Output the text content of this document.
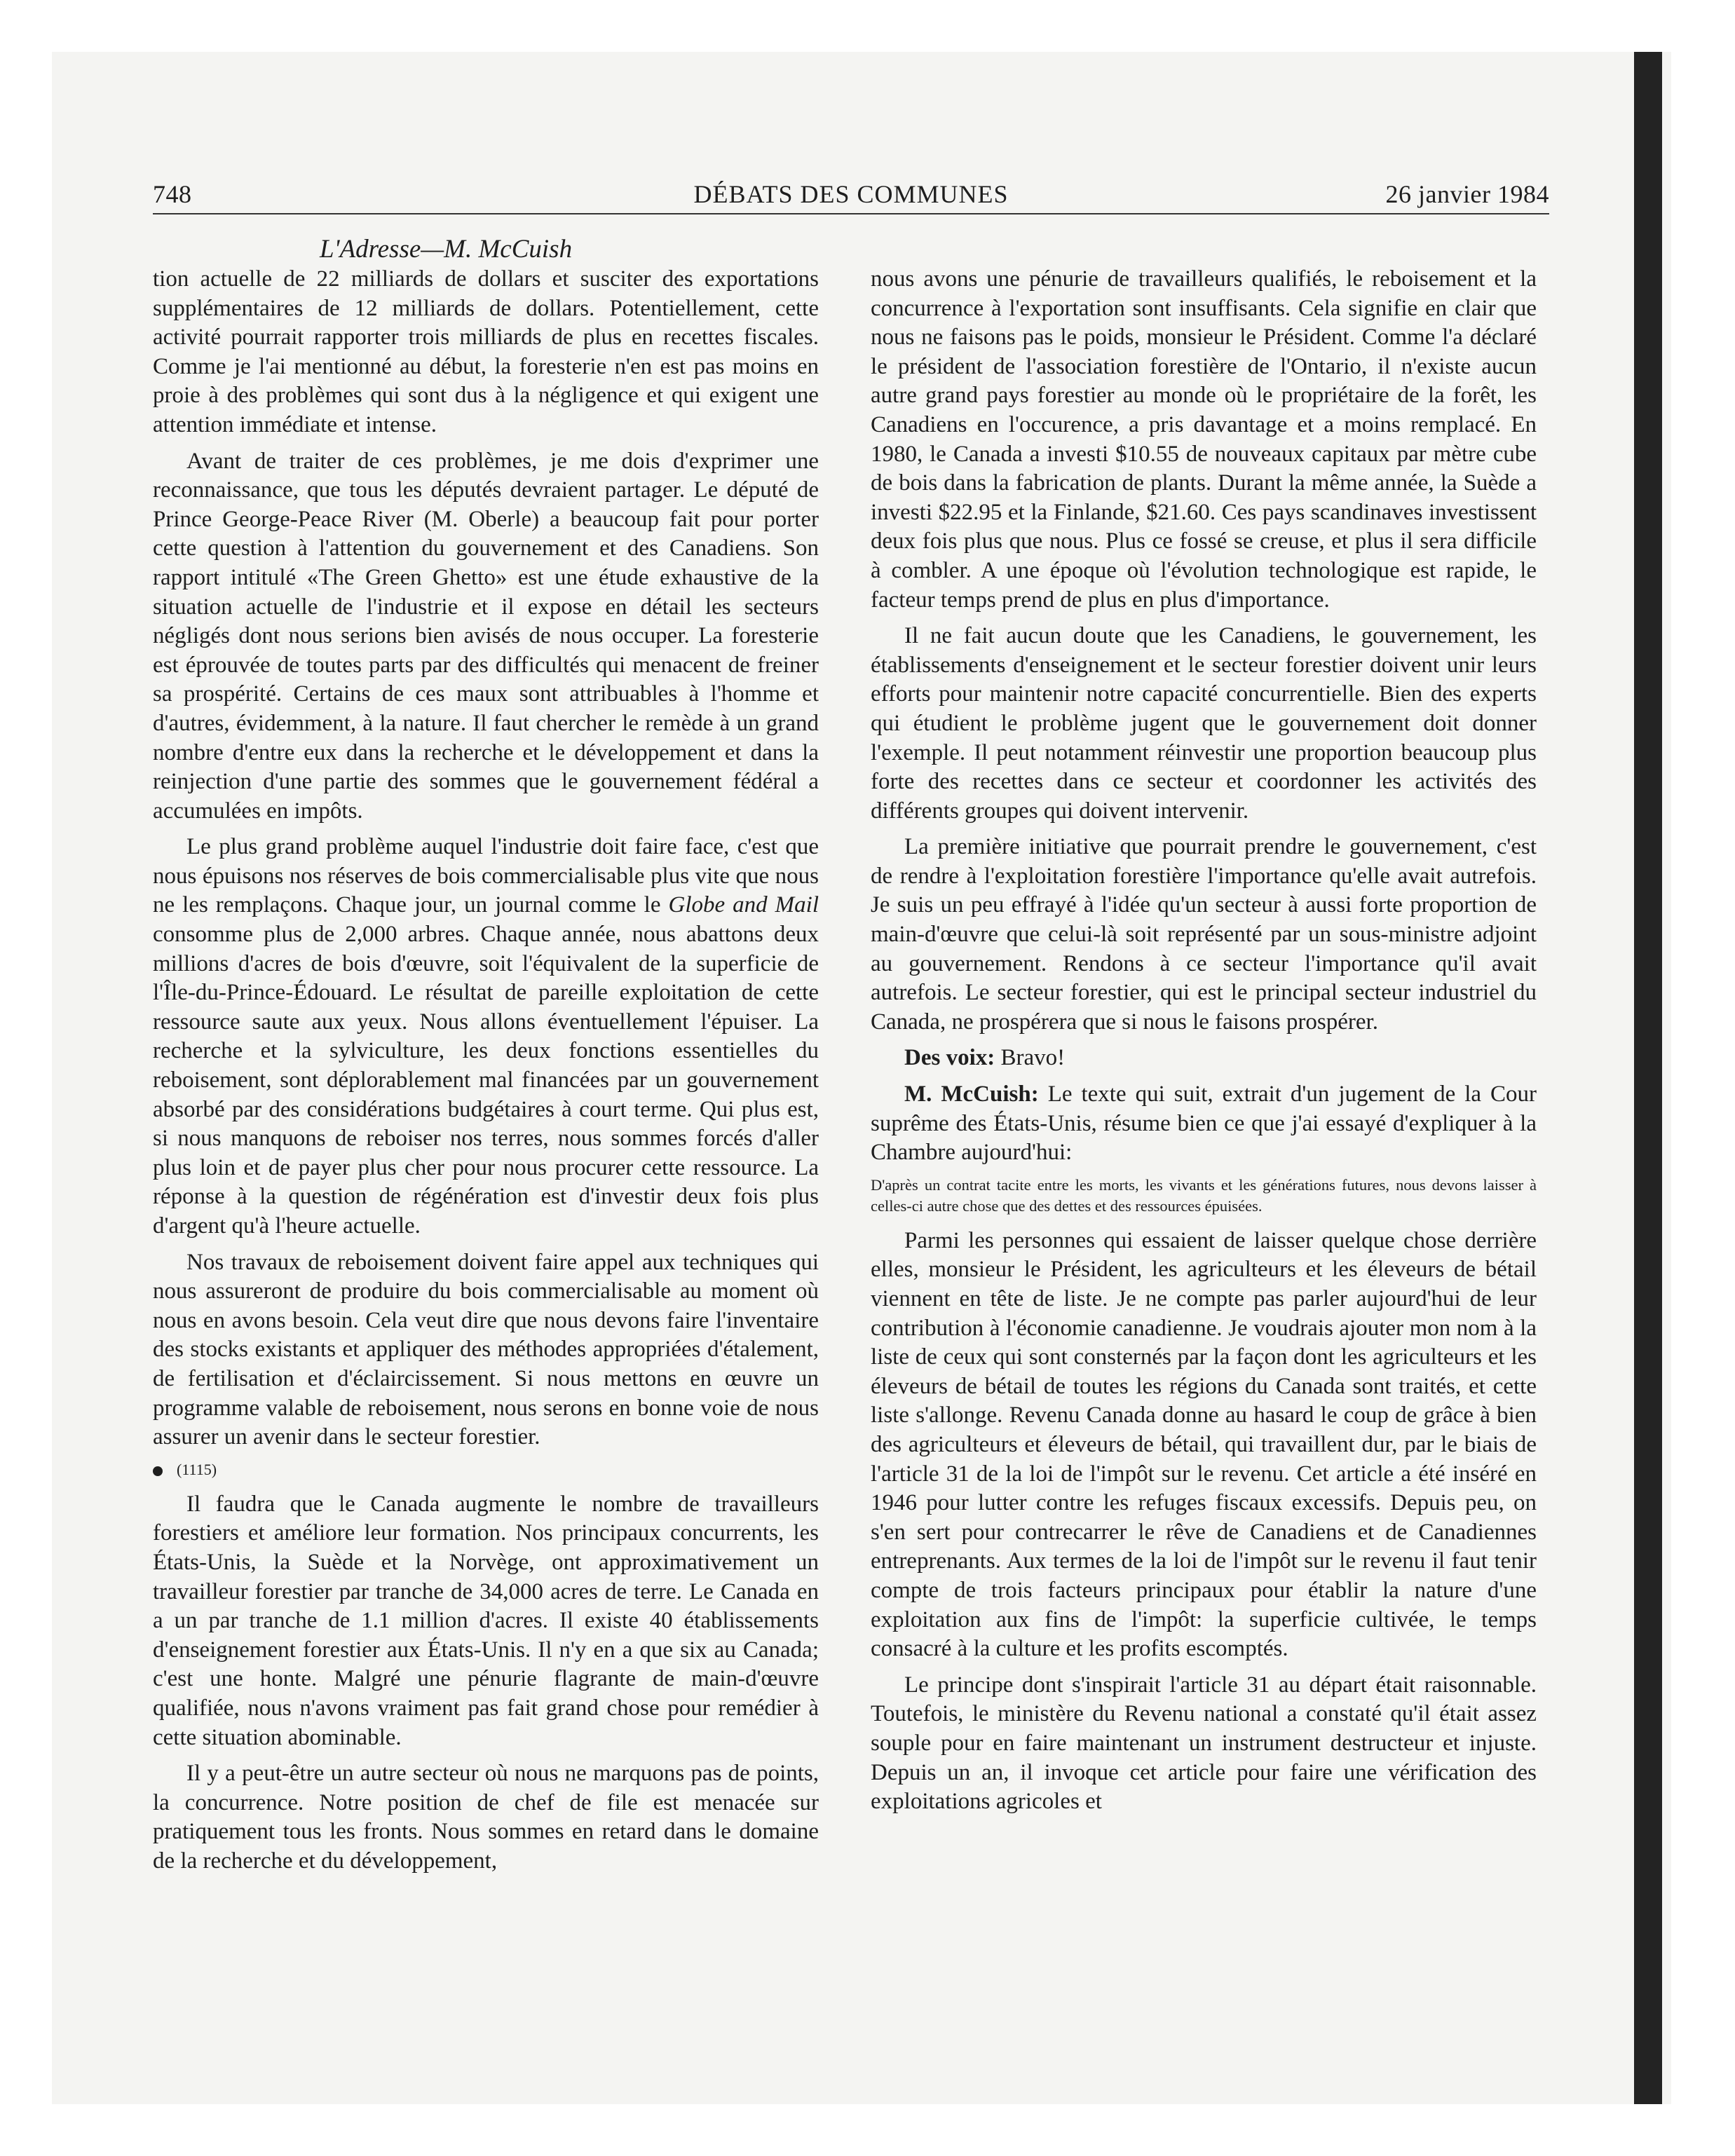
DÉBATS DES COMMUNES
748	26 janvier 1984
L'Adresse—M. McCuish

tion actuelle de 22 milliards de dollars et susciter des exportations supplémentaires de 12 milliards de dollars. Potentiellement, cette activité pourrait rapporter trois milliards de plus en recettes fiscales. Comme je l'ai mentionné au début, la foresterie n'en est pas moins en proie à des problèmes qui sont dus à la négligence et qui exigent une attention immédiate et intense.

Avant de traiter de ces problèmes, je me dois d'exprimer une reconnaissance, que tous les députés devraient partager. Le député de Prince George-Peace River (M. Oberle) a beaucoup fait pour porter cette question à l'attention du gouvernement et des Canadiens. Son rapport intitulé «The Green Ghetto» est une étude exhaustive de la situation actuelle de l'industrie et il expose en détail les secteurs négligés dont nous serions bien avisés de nous occuper. La foresterie est éprouvée de toutes parts par des difficultés qui menacent de freiner sa prospérité. Certains de ces maux sont attribuables à l'homme et d'autres, évidemment, à la nature. Il faut chercher le remède à un grand nombre d'entre eux dans la recherche et le développement et dans la reinjection d'une partie des sommes que le gouvernement fédéral a accumulées en impôts.

Le plus grand problème auquel l'industrie doit faire face, c'est que nous épuisons nos réserves de bois commercialisable plus vite que nous ne les remplaçons. Chaque jour, un journal comme le Globe and Mail consomme plus de 2,000 arbres. Chaque année, nous abattons deux millions d'acres de bois d'œuvre, soit l'équivalent de la superficie de l'Île-du-Prince-Édouard. Le résultat de pareille exploitation de cette ressource saute aux yeux. Nous allons éventuellement l'épuiser. La recherche et la sylviculture, les deux fonctions essentielles du reboisement, sont déplorablement mal financées par un gouvernement absorbé par des considérations budgétaires à court terme. Qui plus est, si nous manquons de reboiser nos terres, nous sommes forcés d'aller plus loin et de payer plus cher pour nous procurer cette ressource. La réponse à la question de régénération est d'investir deux fois plus d'argent qu'à l'heure actuelle.

Nos travaux de reboisement doivent faire appel aux techniques qui nous assureront de produire du bois commercialisable au moment où nous en avons besoin. Cela veut dire que nous devons faire l'inventaire des stocks existants et appliquer des méthodes appropriées d'étalement, de fertilisation et d'éclaircissement. Si nous mettons en œuvre un programme valable de reboisement, nous serons en bonne voie de nous assurer un avenir dans le secteur forestier.

(1115)

Il faudra que le Canada augmente le nombre de travailleurs forestiers et améliore leur formation. Nos principaux concurrents, les États-Unis, la Suède et la Norvège, ont approximativement un travailleur forestier par tranche de 34,000 acres de terre. Le Canada en a un par tranche de 1.1 million d'acres. Il existe 40 établissements d'enseignement forestier aux États-Unis. Il n'y en a que six au Canada; c'est une honte. Malgré une pénurie flagrante de main-d'œuvre qualifiée, nous n'avons vraiment pas fait grand chose pour remédier à cette situation abominable.

Il y a peut-être un autre secteur où nous ne marquons pas de points, la concurrence. Notre position de chef de file est menacée sur pratiquement tous les fronts. Nous sommes en retard dans le domaine de la recherche et du développement,

nous avons une pénurie de travailleurs qualifiés, le reboisement et la concurrence à l'exportation sont insuffisants. Cela signifie en clair que nous ne faisons pas le poids, monsieur le Président. Comme l'a déclaré le président de l'association forestière de l'Ontario, il n'existe aucun autre grand pays forestier au monde où le propriétaire de la forêt, les Canadiens en l'occurence, a pris davantage et a moins remplacé. En 1980, le Canada a investi $10.55 de nouveaux capitaux par mètre cube de bois dans la fabrication de plants. Durant la même année, la Suède a investi $22.95 et la Finlande, $21.60. Ces pays scandinaves investissent deux fois plus que nous. Plus ce fossé se creuse, et plus il sera difficile à combler. A une époque où l'évolution technologique est rapide, le facteur temps prend de plus en plus d'importance.

Il ne fait aucun doute que les Canadiens, le gouvernement, les établissements d'enseignement et le secteur forestier doivent unir leurs efforts pour maintenir notre capacité concurrentielle. Bien des experts qui étudient le problème jugent que le gouvernement doit donner l'exemple. Il peut notamment réinvestir une proportion beaucoup plus forte des recettes dans ce secteur et coordonner les activités des différents groupes qui doivent intervenir.

La première initiative que pourrait prendre le gouvernement, c'est de rendre à l'exploitation forestière l'importance qu'elle avait autrefois. Je suis un peu effrayé à l'idée qu'un secteur à aussi forte proportion de main-d'œuvre que celui-là soit représenté par un sous-ministre adjoint au gouvernement. Rendons à ce secteur l'importance qu'il avait autrefois. Le secteur forestier, qui est le principal secteur industriel du Canada, ne prospérera que si nous le faisons prospérer.

Des voix: Bravo!

M. McCuish: Le texte qui suit, extrait d'un jugement de la Cour suprême des États-Unis, résume bien ce que j'ai essayé d'expliquer à la Chambre aujourd'hui:

D'après un contrat tacite entre les morts, les vivants et les générations futures, nous devons laisser à celles-ci autre chose que des dettes et des ressources épuisées.

Parmi les personnes qui essaient de laisser quelque chose derrière elles, monsieur le Président, les agriculteurs et les éleveurs de bétail viennent en tête de liste. Je ne compte pas parler aujourd'hui de leur contribution à l'économie canadienne. Je voudrais ajouter mon nom à la liste de ceux qui sont consternés par la façon dont les agriculteurs et les éleveurs de bétail de toutes les régions du Canada sont traités, et cette liste s'allonge. Revenu Canada donne au hasard le coup de grâce à bien des agriculteurs et éleveurs de bétail, qui travaillent dur, par le biais de l'article 31 de la loi de l'impôt sur le revenu. Cet article a été inséré en 1946 pour lutter contre les refuges fiscaux excessifs. Depuis peu, on s'en sert pour contrecarrer le rêve de Canadiens et de Canadiennes entreprenants. Aux termes de la loi de l'impôt sur le revenu il faut tenir compte de trois facteurs principaux pour établir la nature d'une exploitation aux fins de l'impôt: la superficie cultivée, le temps consacré à la culture et les profits escomptés.

Le principe dont s'inspirait l'article 31 au départ était raisonnable. Toutefois, le ministère du Revenu national a constaté qu'il était assez souple pour en faire maintenant un instrument destructeur et injuste. Depuis un an, il invoque cet article pour faire une vérification des exploitations agricoles et
